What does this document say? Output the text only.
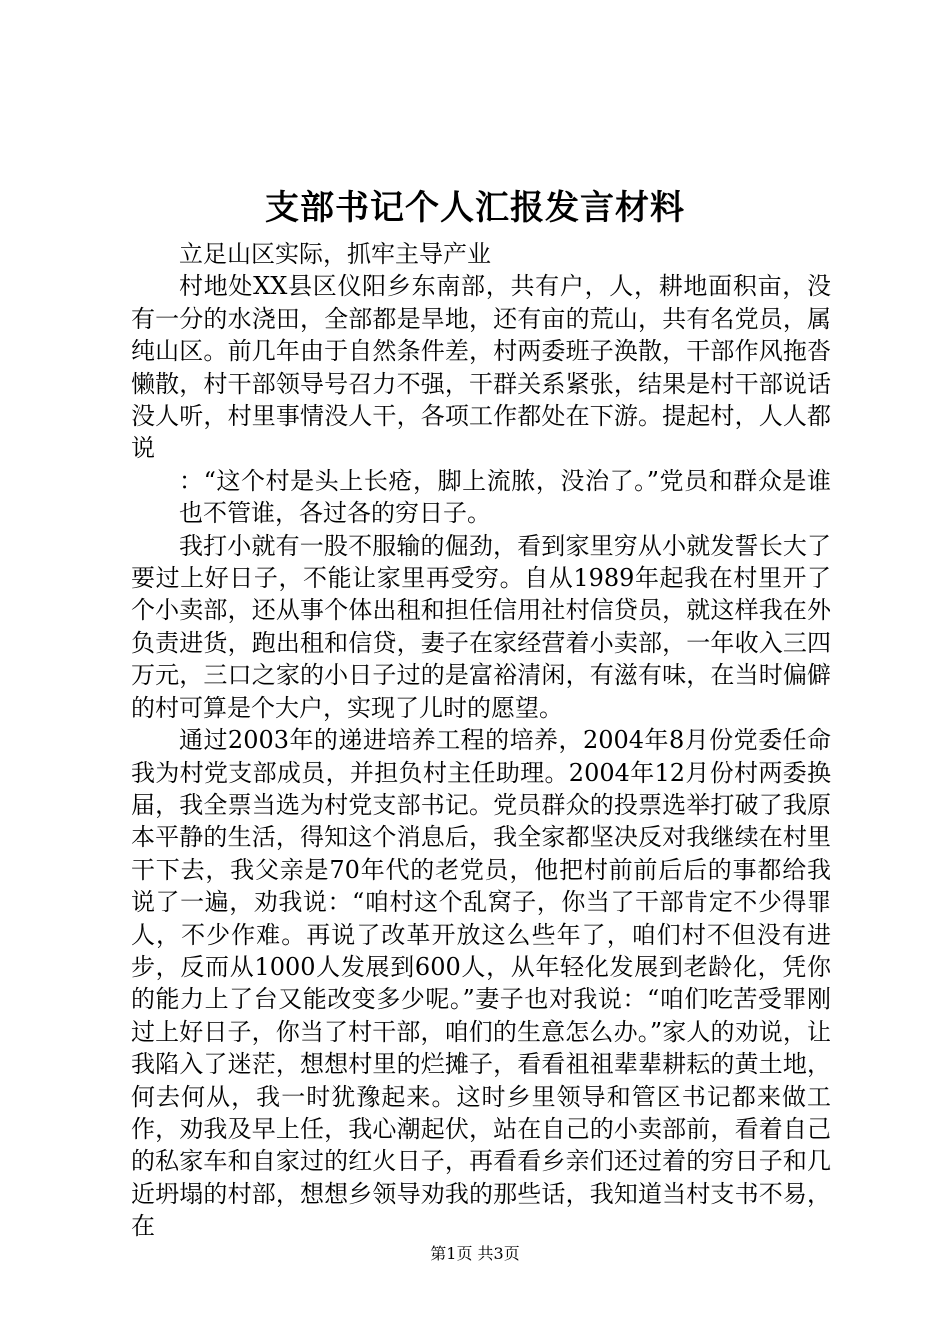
支部书记个人汇报发言材料

立足山区实际，抓牢主导产业

村地处XX县区仪阳乡东南部，共有户，人，耕地面积亩，没有一分的水浇田，全部都是旱地，还有亩的荒山，共有名党员，属纯山区。前几年由于自然条件差，村两委班子涣散，干部作风拖沓懒散，村干部领导号召力不强，干群关系紧张，结果是村干部说话没人听，村里事情没人干，各项工作都处在下游。提起村，人人都说

：“这个村是头上长疮，脚上流脓，没治了。”党员和群众是谁也不管谁，各过各的穷日子。

我打小就有一股不服输的倔劲，看到家里穷从小就发誓长大了要过上好日子，不能让家里再受穷。自从1989年起我在村里开了个小卖部，还从事个体出租和担任信用社村信贷员，就这样我在外负责进货，跑出租和信贷，妻子在家经营着小卖部，一年收入三四万元，三口之家的小日子过的是富裕清闲，有滋有味，在当时偏僻的村可算是个大户，实现了儿时的愿望。

通过2003年的递进培养工程的培养，2004年8月份党委任命我为村党支部成员，并担负村主任助理。2004年12月份村两委换届，我全票当选为村党支部书记。党员群众的投票选举打破了我原本平静的生活，得知这个消息后，我全家都坚决反对我继续在村里干下去，我父亲是70年代的老党员，他把村前前后后的事都给我说了一遍，劝我说：“咱村这个乱窝子，你当了干部肯定不少得罪人，不少作难。再说了改革开放这么些年了，咱们村不但没有进步，反而从1000人发展到600人，从年轻化发展到老龄化，凭你的能力上了台又能改变多少呢。”妻子也对我说：“咱们吃苦受罪刚过上好日子，你当了村干部，咱们的生意怎么办。”家人的劝说，让我陷入了迷茫，想想村里的烂摊子，看看祖祖辈辈耕耘的黄土地，何去何从，我一时犹豫起来。这时乡里领导和管区书记都来做工作，劝我及早上任，我心潮起伏，站在自己的小卖部前，看着自己的私家车和自家过的红火日子，再看看乡亲们还过着的穷日子和几近坍塌的村部，想想乡领导劝我的那些话，我知道当村支书不易，在

第1页 共3页
